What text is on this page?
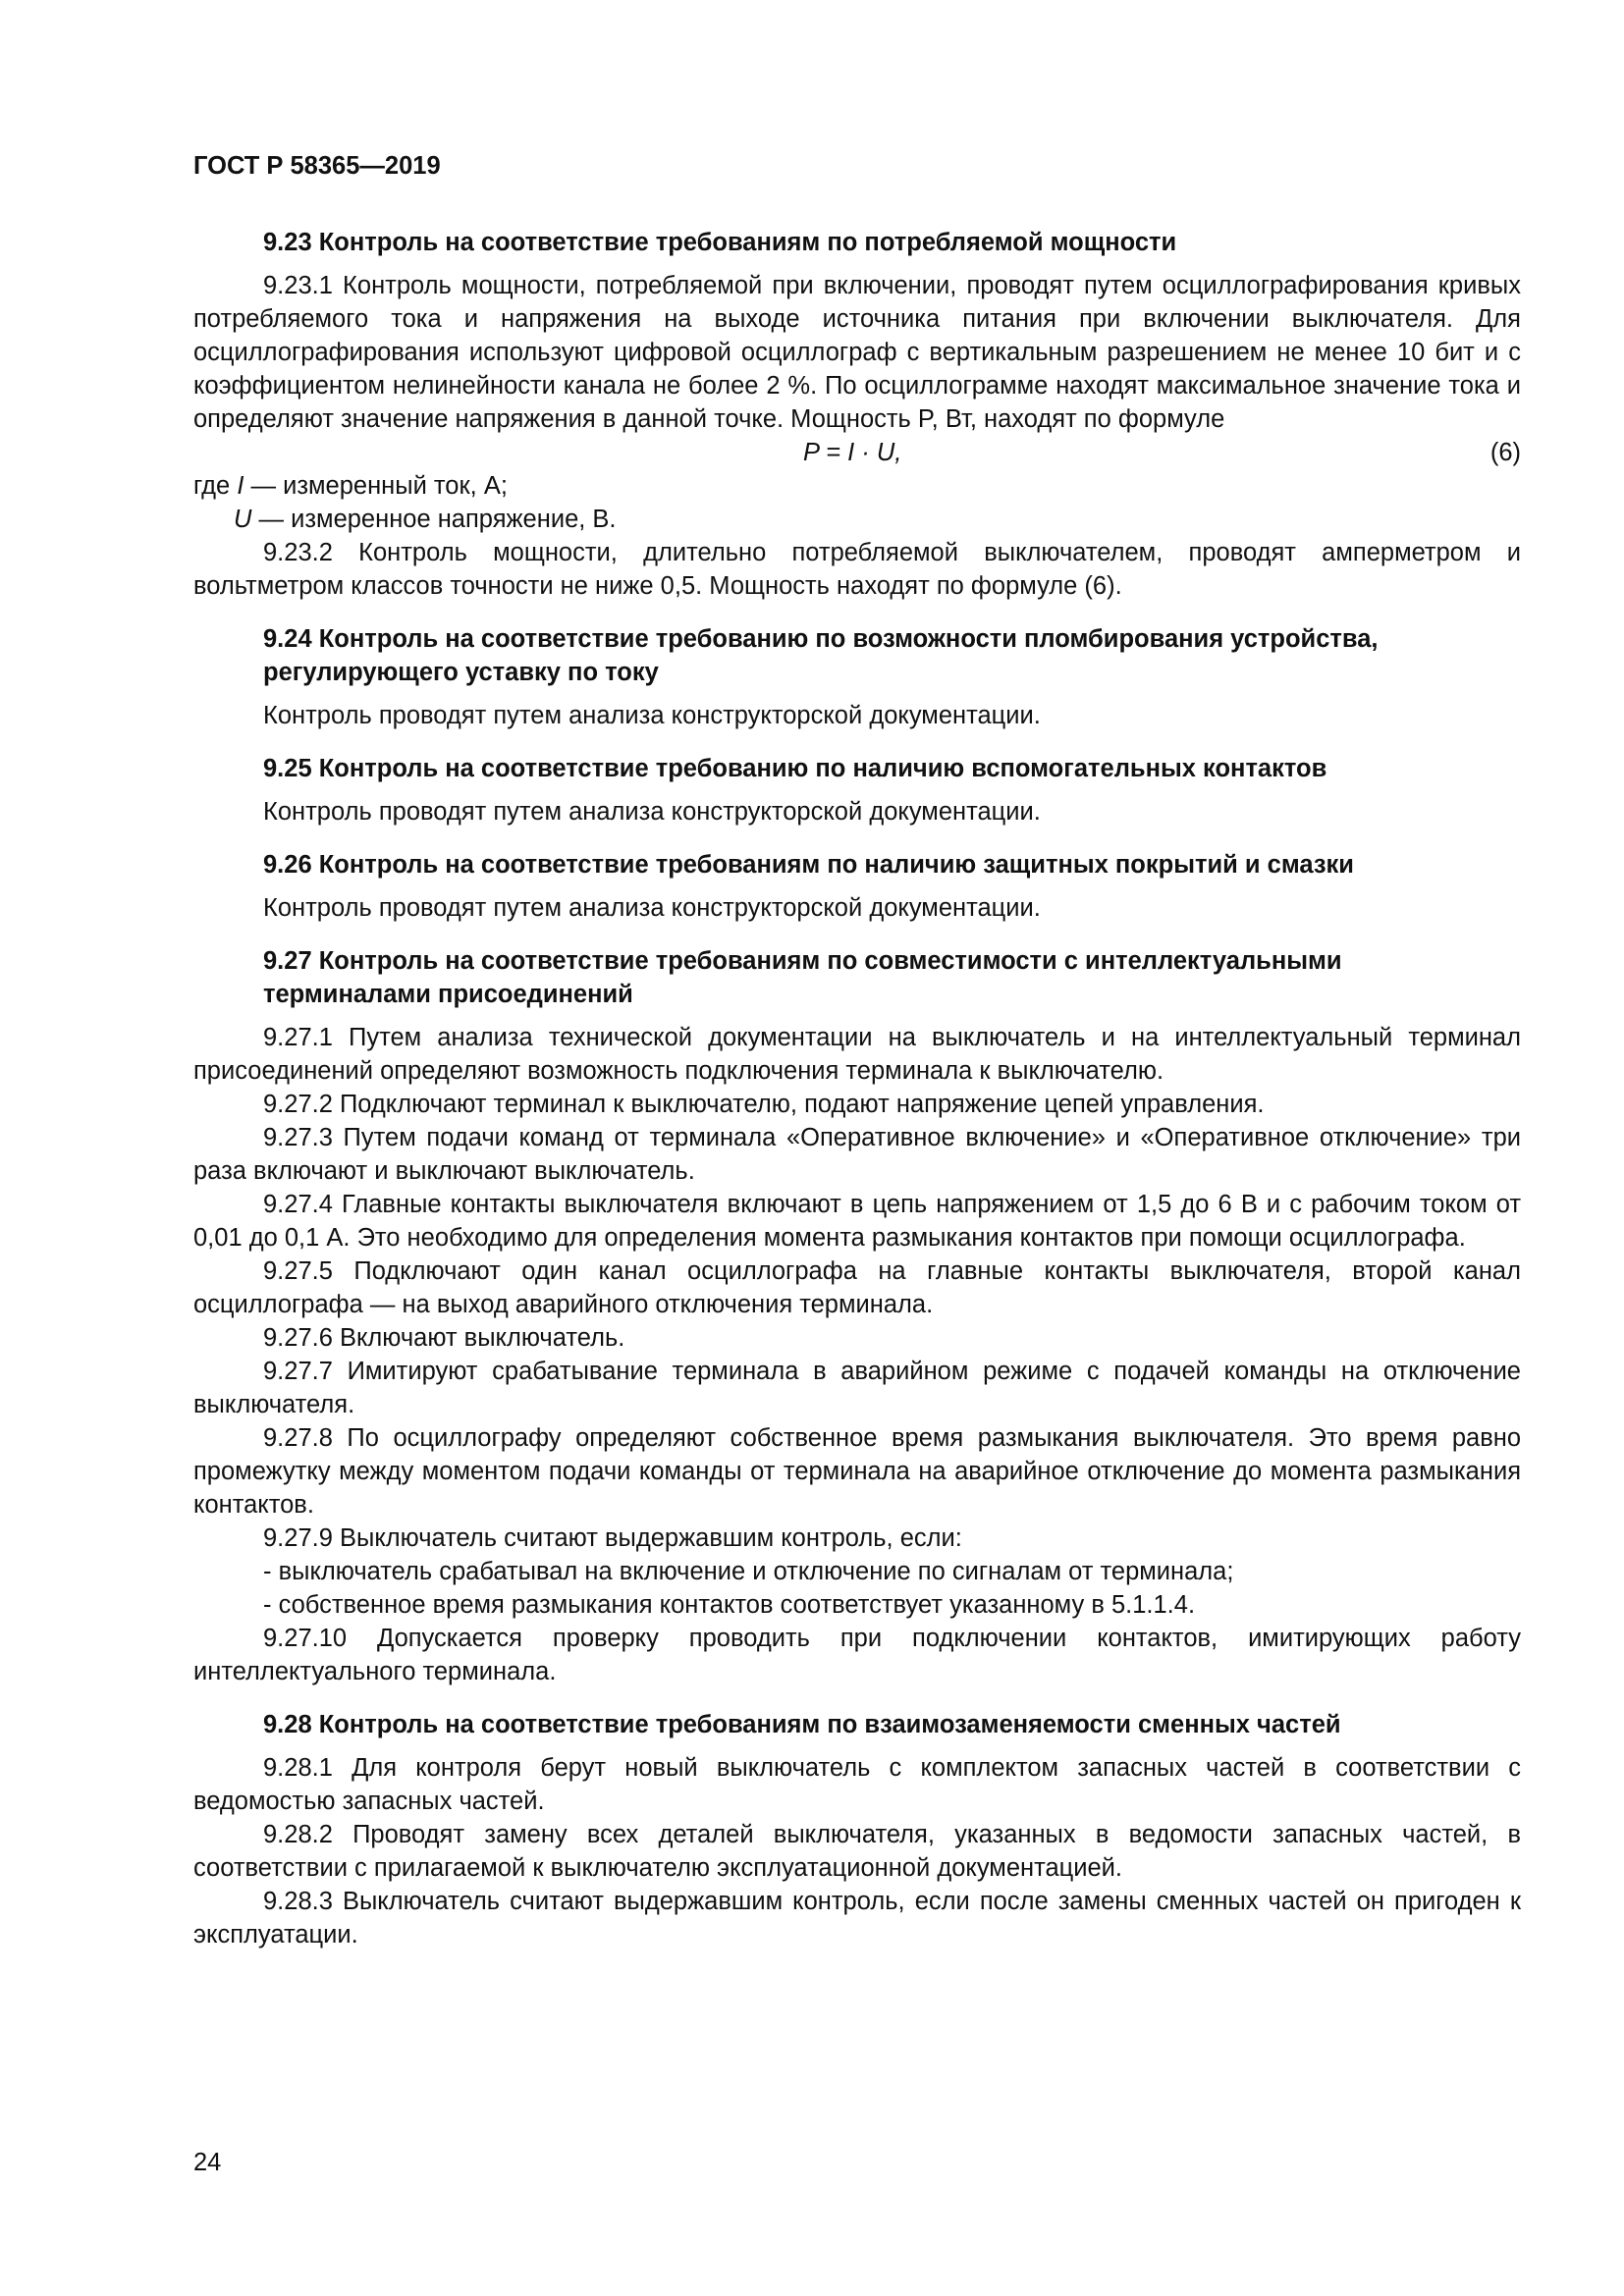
ГОСТ Р 58365—2019

9.23 Контроль на соответствие требованиям по потребляемой мощности

9.23.1 Контроль мощности, потребляемой при включении, проводят путем осциллографирования кривых потребляемого тока и напряжения на выходе источника питания при включении выключателя. Для осциллографирования используют цифровой осциллограф с вертикальным разрешением не менее 10 бит и с коэффициентом нелинейности канала не более 2 %. По осциллограмме находят максимальное значение тока и определяют значение напряжения в данной точке. Мощность P, Вт, находят по формуле

P = I · U,	(6)

где I — измеренный ток, А;

U — измеренное напряжение, В.

9.23.2 Контроль мощности, длительно потребляемой выключателем, проводят амперметром и вольтметром классов точности не ниже 0,5. Мощность находят по формуле (6).

9.24 Контроль на соответствие требованию по возможности пломбирования устройства,
регулирующего уставку по току

Контроль проводят путем анализа конструкторской документации.

9.25 Контроль на соответствие требованию по наличию вспомогательных контактов

Контроль проводят путем анализа конструкторской документации.

9.26 Контроль на соответствие требованиям по наличию защитных покрытий и смазки

Контроль проводят путем анализа конструкторской документации.

9.27 Контроль на соответствие требованиям по совместимости с интеллектуальными
терминалами присоединений

9.27.1 Путем анализа технической документации на выключатель и на интеллектуальный терминал присоединений определяют возможность подключения терминала к выключателю.

9.27.2 Подключают терминал к выключателю, подают напряжение цепей управления.

9.27.3 Путем подачи команд от терминала «Оперативное включение» и «Оперативное отключение» три раза включают и выключают выключатель.

9.27.4 Главные контакты выключателя включают в цепь напряжением от 1,5 до 6 В и с рабочим током от 0,01 до 0,1 А. Это необходимо для определения момента размыкания контактов при помощи осциллографа.

9.27.5 Подключают один канал осциллографа на главные контакты выключателя, второй канал осциллографа — на выход аварийного отключения терминала.

9.27.6 Включают выключатель.

9.27.7 Имитируют срабатывание терминала в аварийном режиме с подачей команды на отключение выключателя.

9.27.8 По осциллографу определяют собственное время размыкания выключателя. Это время равно промежутку между моментом подачи команды от терминала на аварийное отключение до момента размыкания контактов.

9.27.9 Выключатель считают выдержавшим контроль, если:

- выключатель срабатывал на включение и отключение по сигналам от терминала;

- собственное время размыкания контактов соответствует указанному в 5.1.1.4.

9.27.10 Допускается проверку проводить при подключении контактов, имитирующих работу интеллектуального терминала.

9.28 Контроль на соответствие требованиям по взаимозаменяемости сменных частей

9.28.1 Для контроля берут новый выключатель с комплектом запасных частей в соответствии с ведомостью запасных частей.

9.28.2 Проводят замену всех деталей выключателя, указанных в ведомости запасных частей, в соответствии с прилагаемой к выключателю эксплуатационной документацией.

9.28.3 Выключатель считают выдержавшим контроль, если после замены сменных частей он пригоден к эксплуатации.

24
